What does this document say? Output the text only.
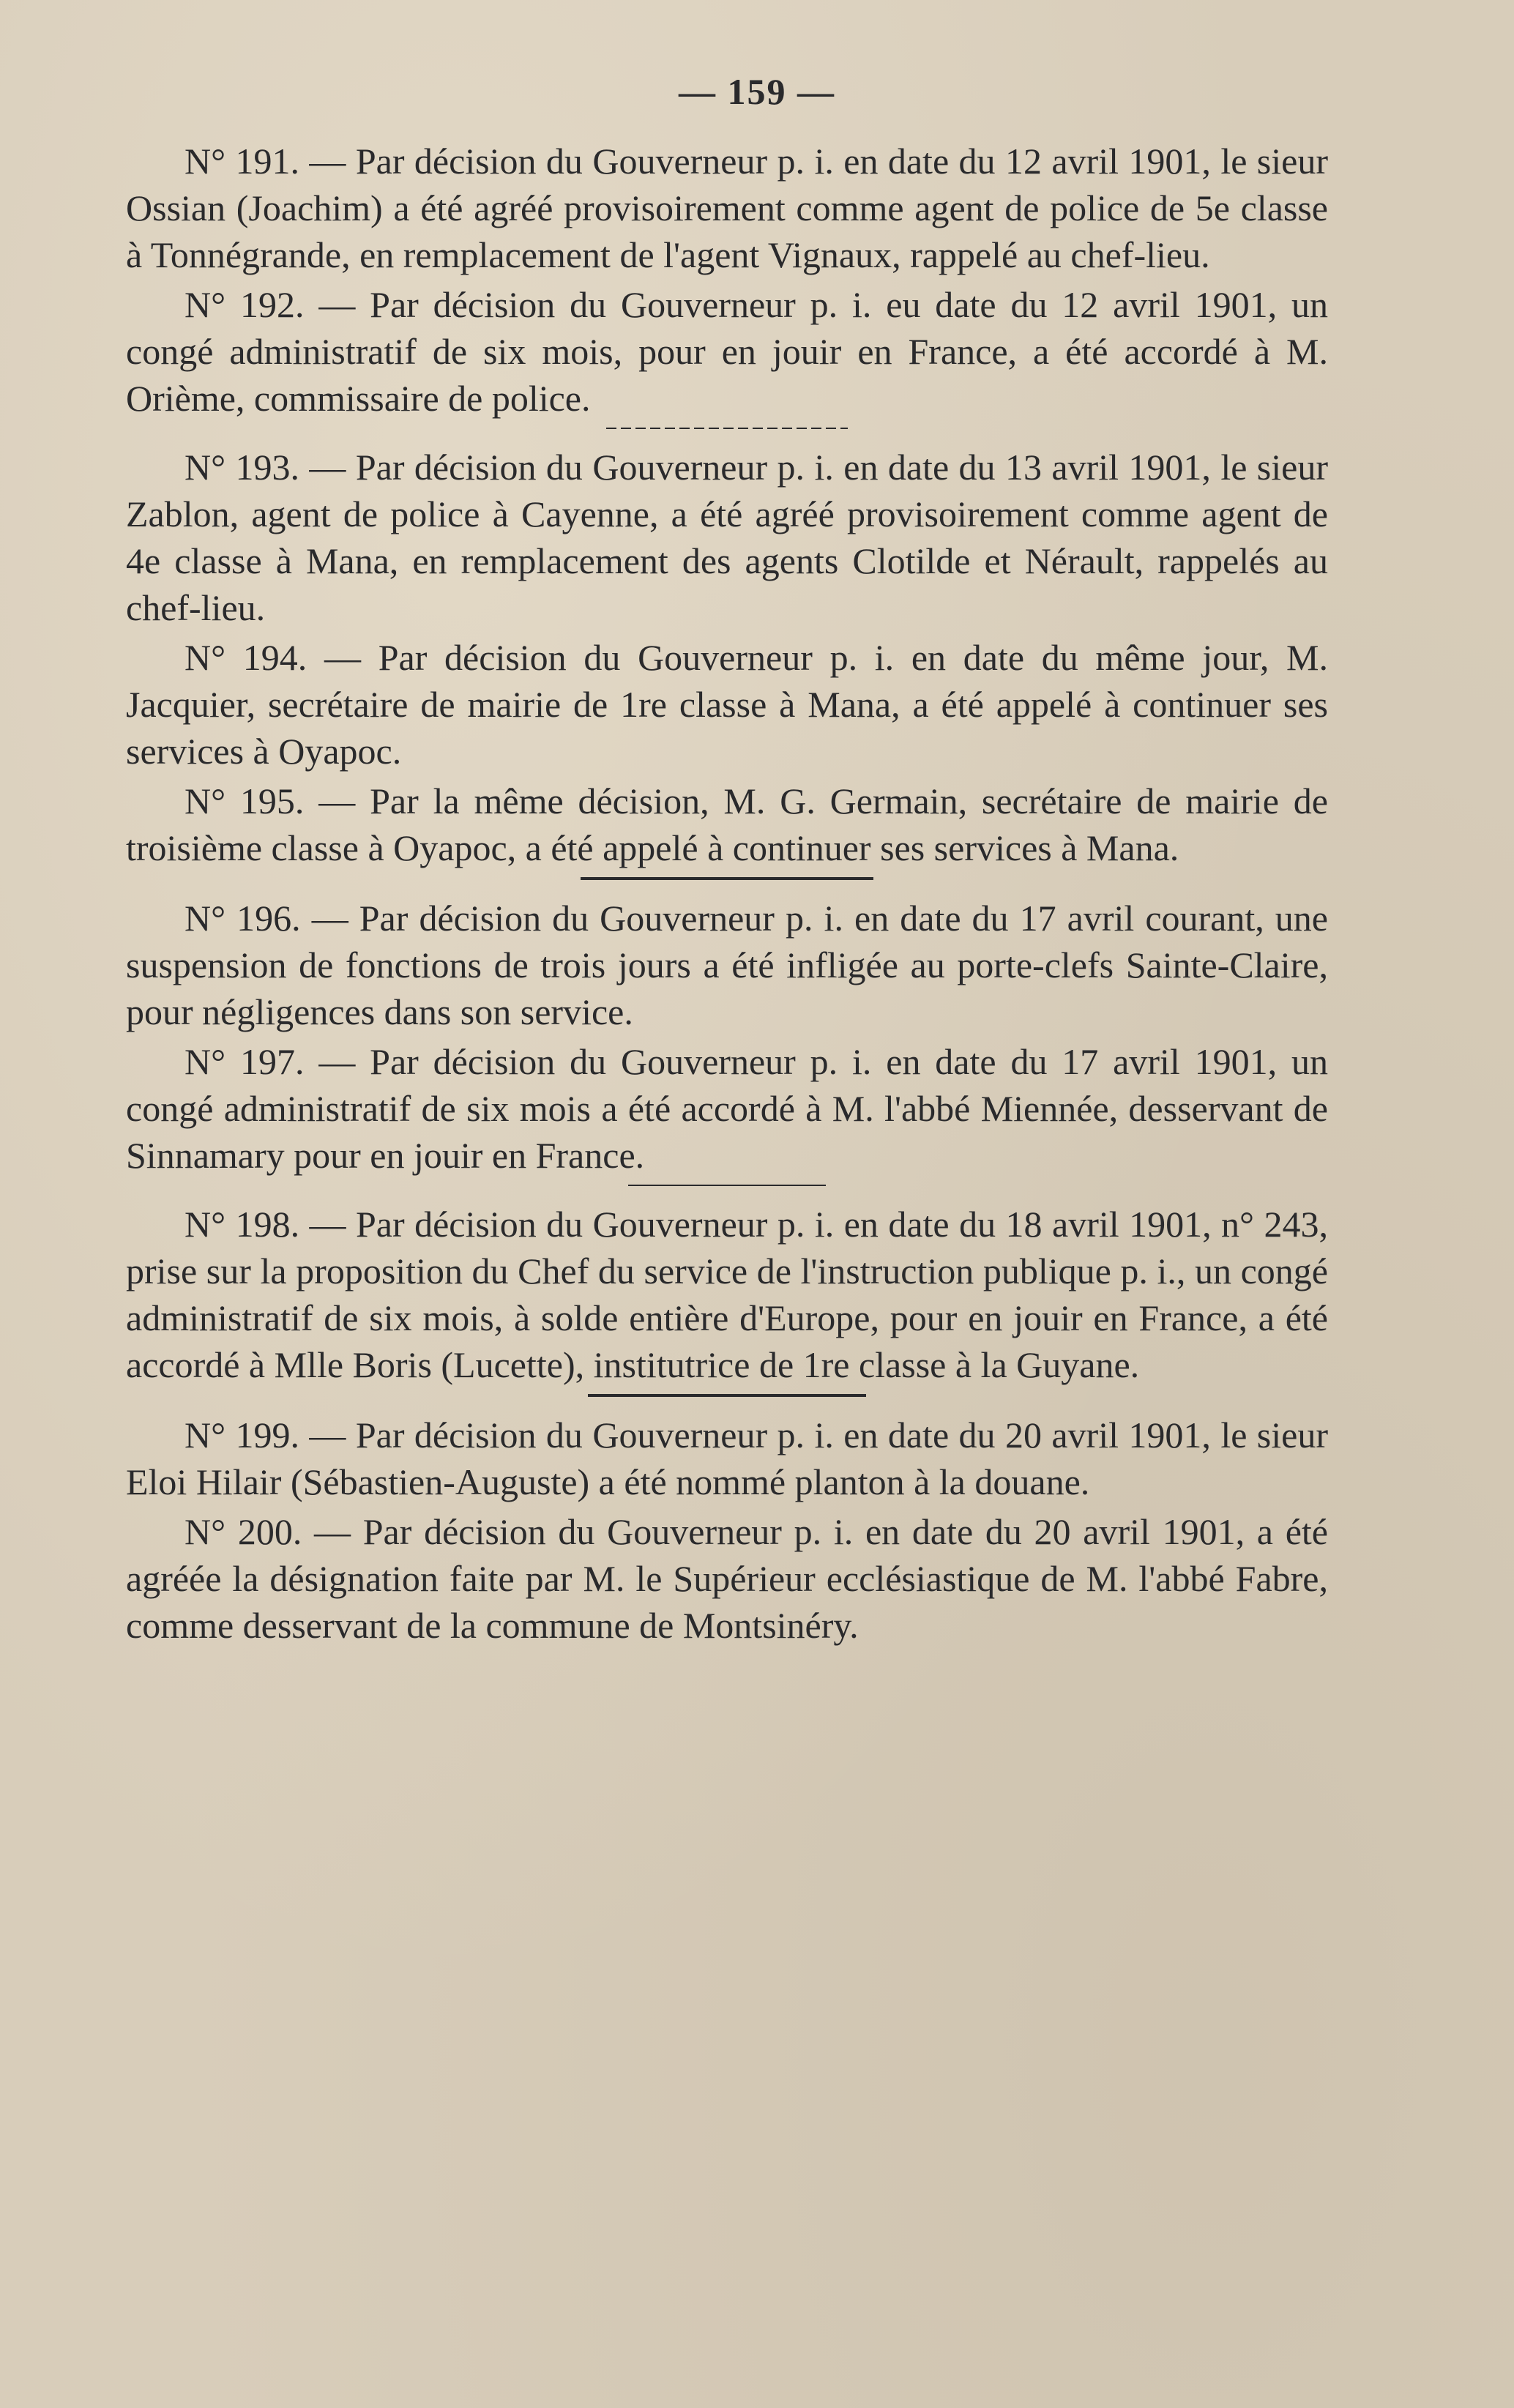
— 159 —

N° 191. — Par décision du Gouverneur p. i. en date du 12 avril 1901, le sieur Ossian (Joachim) a été agréé provisoirement comme agent de police de 5e classe à Tonnégrande, en remplacement de l'agent Vignaux, rappelé au chef-lieu.

N° 192. — Par décision du Gouverneur p. i. eu date du 12 avril 1901, un congé administratif de six mois, pour en jouir en France, a été accordé à M. Orième, commissaire de police.

N° 193. — Par décision du Gouverneur p. i. en date du 13 avril 1901, le sieur Zablon, agent de police à Cayenne, a été agréé provisoirement comme agent de 4e classe à Mana, en remplacement des agents Clotilde et Nérault, rappelés au chef-lieu.

N° 194. — Par décision du Gouverneur p. i. en date du même jour, M. Jacquier, secrétaire de mairie de 1re classe à Mana, a été appelé à continuer ses services à Oyapoc.

N° 195. — Par la même décision, M. G. Germain, secrétaire de mairie de troisième classe à Oyapoc, a été appelé à continuer ses services à Mana.

N° 196. — Par décision du Gouverneur p. i. en date du 17 avril courant, une suspension de fonctions de trois jours a été infligée au porte-clefs Sainte-Claire, pour négligences dans son service.

N° 197. — Par décision du Gouverneur p. i. en date du 17 avril 1901, un congé administratif de six mois a été accordé à M. l'abbé Miennée, desservant de Sinnamary pour en jouir en France.

N° 198. — Par décision du Gouverneur p. i. en date du 18 avril 1901, n° 243, prise sur la proposition du Chef du service de l'instruction publique p. i., un congé administratif de six mois, à solde entière d'Europe, pour en jouir en France, a été accordé à Mlle Boris (Lucette), institutrice de 1re classe à la Guyane.

N° 199. — Par décision du Gouverneur p. i. en date du 20 avril 1901, le sieur Eloi Hilair (Sébastien-Auguste) a été nommé planton à la douane.

N° 200. — Par décision du Gouverneur p. i. en date du 20 avril 1901, a été agréée la désignation faite par M. le Supérieur ecclésiastique de M. l'abbé Fabre, comme desservant de la commune de Montsinéry.
